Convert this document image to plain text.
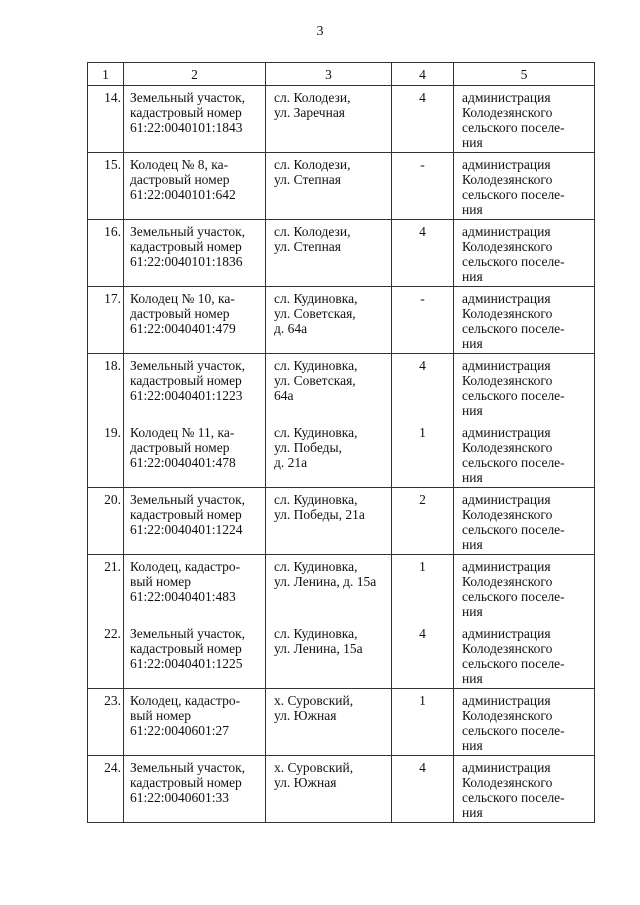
3
1	2	3	4	5
14.	Земельный участок,
кадастровый номер
61:22:0040101:1843	сл. Колодези,
ул. Заречная	4	администрация
Колодезянского
сельского поселе-
ния

15.	Колодец № 8, ка-
дастровый номер
61:22:0040101:642	сл. Колодези,
ул. Степная	-	администрация
Колодезянского
сельского поселе-
ния

16.	Земельный участок,
кадастровый номер
61:22:0040101:1836	сл. Колодези,
ул. Степная	4	администрация
Колодезянского
сельского поселе-
ния

17.	Колодец № 10, ка-
дастровый номер
61:22:0040401:479	сл. Кудиновка,
ул. Советская,
д. 64а	-	администрация
Колодезянского
сельского поселе-
ния

18.	Земельный участок,
кадастровый номер
61:22:0040401:1223	сл. Кудиновка,
ул. Советская,
64а	4	администрация
Колодезянского
сельского поселе-
ния

19.	Колодец № 11, ка-
дастровый номер
61:22:0040401:478	сл. Кудиновка,
ул. Победы,
д. 21а	1	администрация
Колодезянского
сельского поселе-
ния

20.	Земельный участок,
кадастровый номер
61:22:0040401:1224	сл. Кудиновка,
ул. Победы, 21а	2	администрация
Колодезянского
сельского поселе-
ния

21.	Колодец, кадастро-
вый номер
61:22:0040401:483	сл. Кудиновка,
ул. Ленина, д. 15а	1	администрация
Колодезянского
сельского поселе-
ния

22.	Земельный участок,
кадастровый номер
61:22:0040401:1225	сл. Кудиновка,
ул. Ленина, 15а	4	администрация
Колодезянского
сельского поселе-
ния

23.	Колодец, кадастро-
вый номер
61:22:0040601:27	х. Суровский,
ул. Южная	1	администрация
Колодезянского
сельского поселе-
ния

24.	Земельный участок,
кадастровый номер
61:22:0040601:33	х. Суровский,
ул. Южная	4	администрация
Колодезянского
сельского поселе-
ния
